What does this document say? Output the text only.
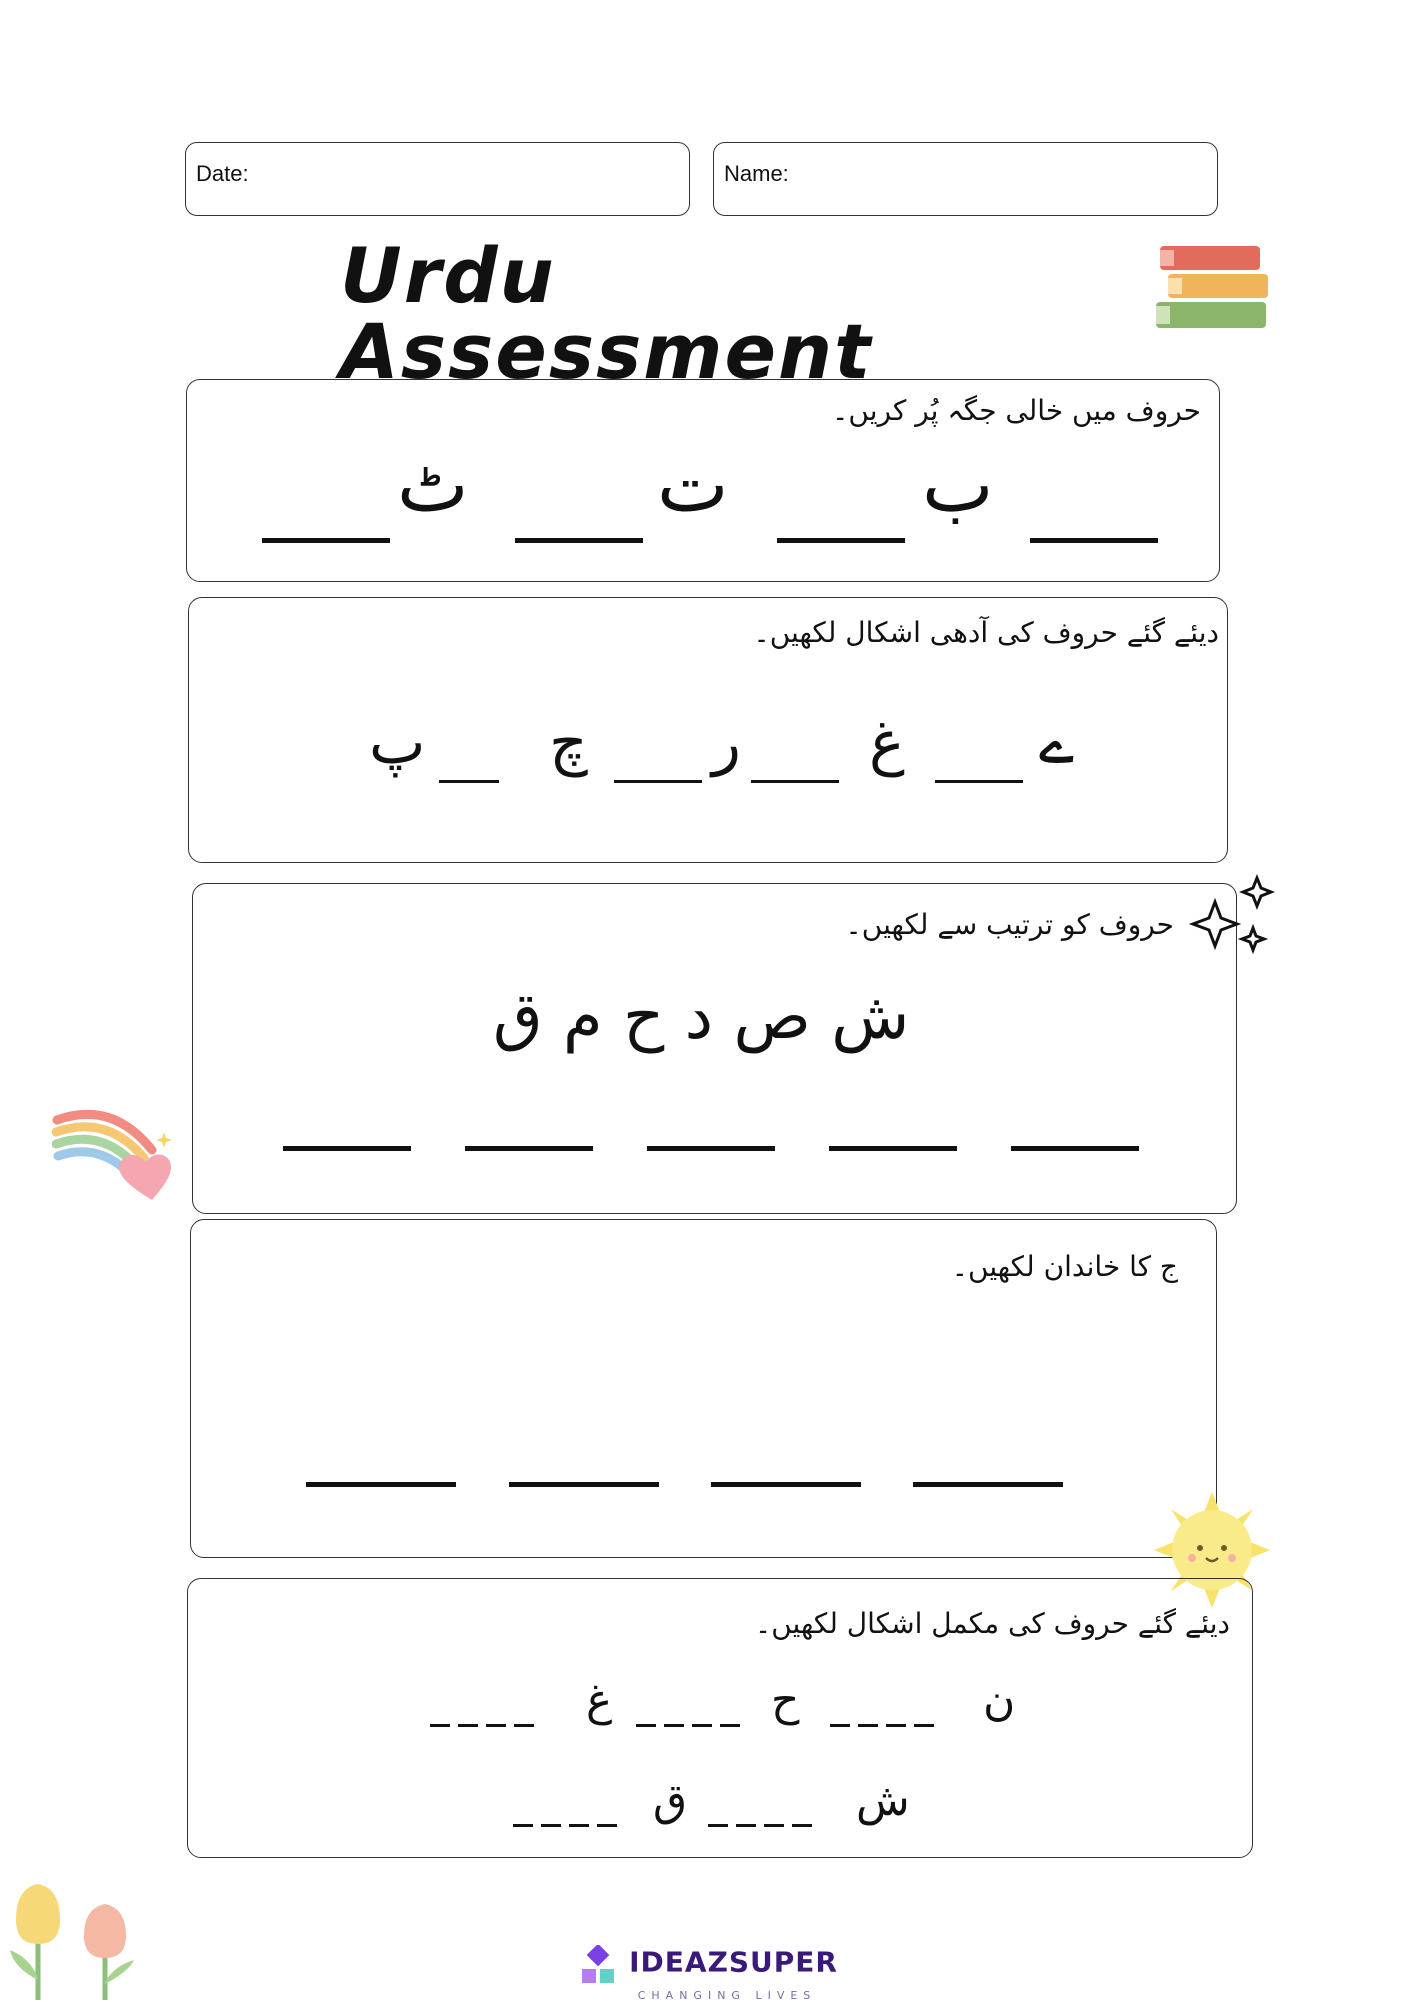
Date:	Name:
Urdu Assessment
حروف میں خالی جگہ پُر کریں۔
ٹ ت	ب
دیئے گئے حروف کی آدھی اشکال لکھیں۔
پ چ ر غ ے
حروف کو ترتیب سے لکھیں۔
ش ص د ح م ق
ج کا خاندان لکھیں۔
دیئے گئے حروف کی مکمل اشکال لکھیں۔
غ	ح	ن
ق	ش
IDEAZSUPER
CHANGING LIVES
